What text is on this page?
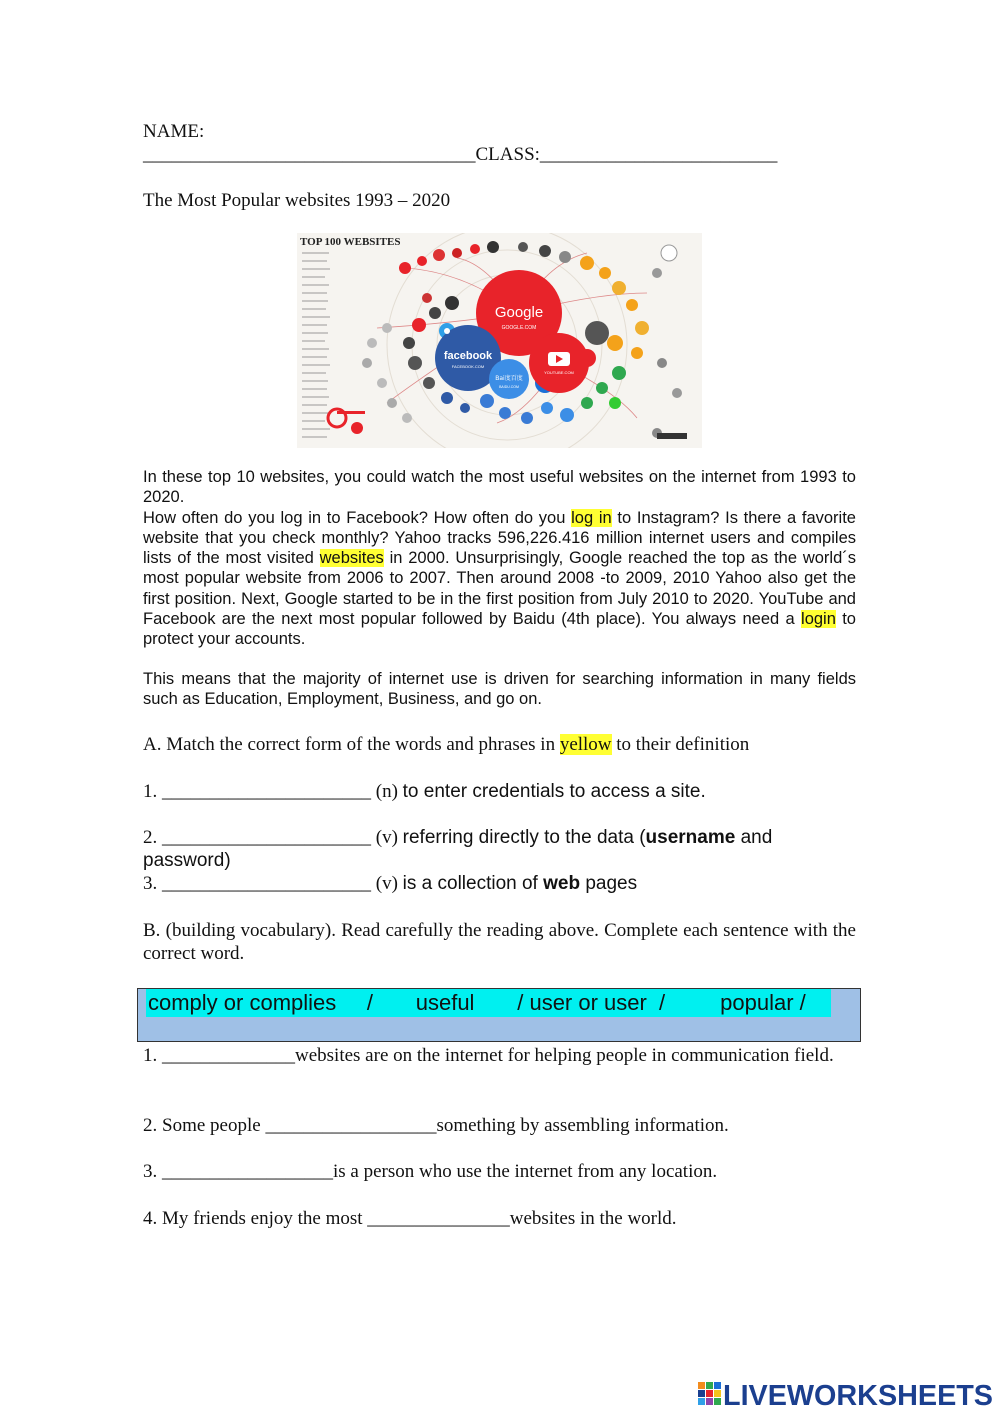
NAME:
___________________________________CLASS:_________________________
The Most Popular websites 1993 – 2020
TOP 100 WEBSITES
Google
GOOGLE.COM
facebook
FACEBOOK.COM
YOUTUBE.COM
Bai度百度
BAIDU.COM

In these top 10 websites, you could watch the most useful websites on the internet from 1993 to 2020.

How often do you log in to Facebook? How often do you log in to Instagram? Is there a favorite website that you check monthly? Yahoo tracks 596,226.416 million internet users and compiles lists of the most visited websites in 2000. Unsurprisingly, Google reached the top as the world´s most popular website from 2006 to 2007. Then around 2008 -to 2009, 2010 Yahoo also get the first position. Next, Google started to be in the first position from July 2010 to 2020. YouTube and Facebook are the next most popular followed by Baidu (4th place). You always need a login to protect your accounts.

This means that the majority of internet use is driven for searching information in many fields such as Education, Employment, Business, and go on.

A. Match the correct form of the words and phrases in yellow to their definition
1. ______________________ (n) to enter credentials to access a site.
2. ______________________ (v) referring directly to the data (username and
password)
3. ______________________ (v) is a collection of web pages
B. (building vocabulary). Read carefully the reading above. Complete each sentence with the correct word.
comply or complies     /       useful       / user or user  /         popular /
1. ______________websites are on the internet for helping people in communication field.
2. Some people __________________something by assembling information.
3. __________________is a person who use the internet from any location.
4. My friends enjoy the most _______________websites in the world.
LIVEWORKSHEETS
